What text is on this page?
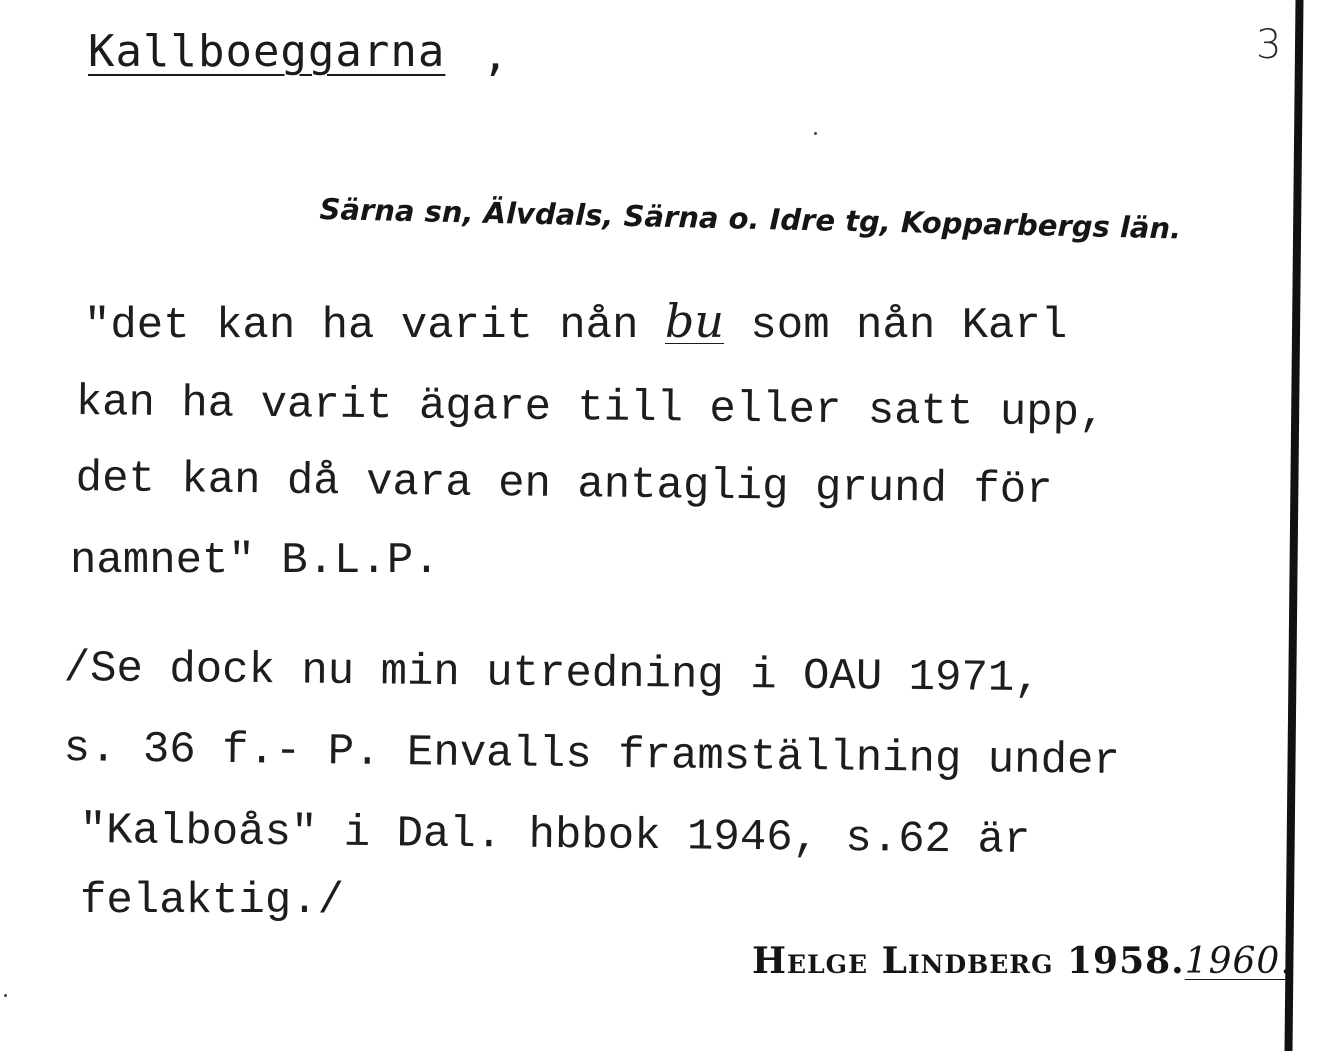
Kallboeggarna ,	3
Särna sn, Älvdals, Särna o. Idre tg, Kopparbergs län.
"det kan ha varit nån bu som nån Karl
kan ha varit ägare till eller satt upp,
det kan då vara en antaglig grund för
namnet" B.L.P.
/Se dock nu min utredning i OAU 1971,
s. 36 f.- P. Envalls framställning under
"Kalboås" i Dal. hbbok 1946, s.62 är
felaktig./
Helge Lindberg 1958.1960.
